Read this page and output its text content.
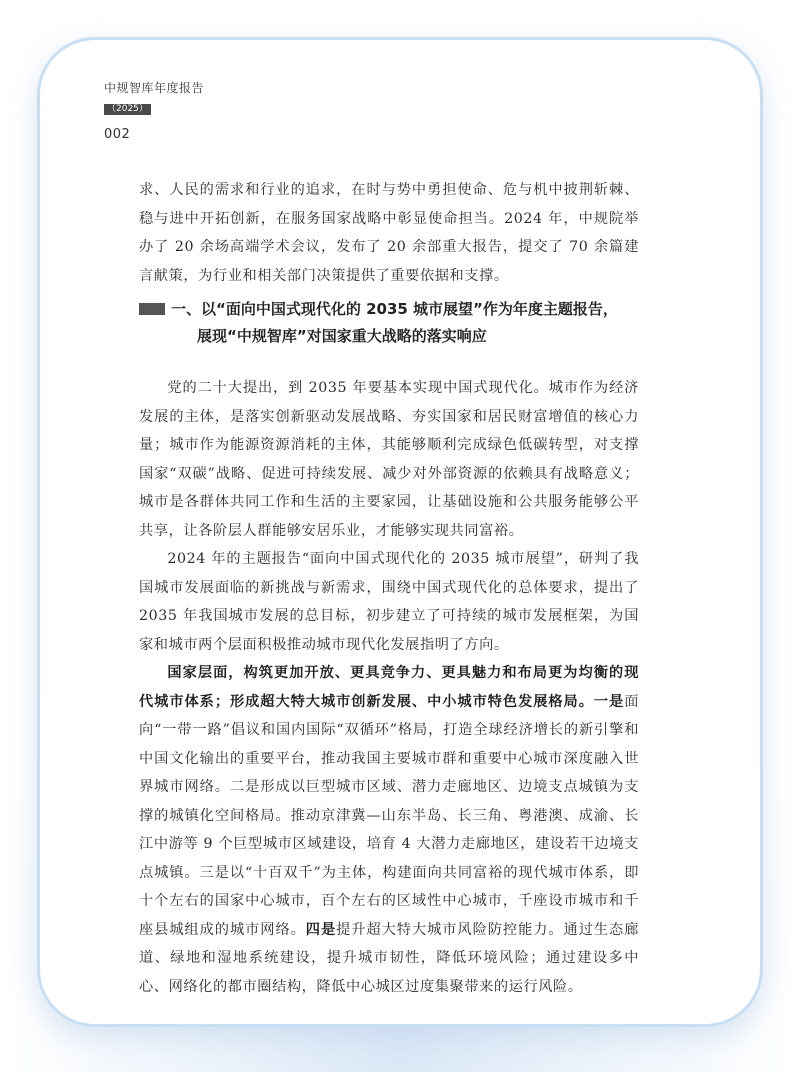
中规智库年度报告
（2025）
002

求、人民的需求和行业的追求，在时与势中勇担使命、危与机中披荆斩棘、稳与进中开拓创新，在服务国家战略中彰显使命担当。2024 年，中规院举办了 20 余场高端学术会议，发布了 20 余部重大报告，提交了 70 余篇建言献策，为行业和相关部门决策提供了重要依据和支撑。

一、以“面向中国式现代化的 2035 城市展望”作为年度主题报告，
展现“中规智库”对国家重大战略的落实响应

党的二十大提出，到 2035 年要基本实现中国式现代化。城市作为经济发展的主体，是落实创新驱动发展战略、夯实国家和居民财富增值的核心力量；城市作为能源资源消耗的主体，其能够顺利完成绿色低碳转型，对支撑国家“双碳”战略、促进可持续发展、减少对外部资源的依赖具有战略意义；城市是各群体共同工作和生活的主要家园，让基础设施和公共服务能够公平共享，让各阶层人群能够安居乐业，才能够实现共同富裕。

2024 年的主题报告“面向中国式现代化的 2035 城市展望”，研判了我国城市发展面临的新挑战与新需求，围绕中国式现代化的总体要求，提出了 2035 年我国城市发展的总目标，初步建立了可持续的城市发展框架，为国家和城市两个层面积极推动城市现代化发展指明了方向。

国家层面，构筑更加开放、更具竞争力、更具魅力和布局更为均衡的现代城市体系；形成超大特大城市创新发展、中小城市特色发展格局。一是面向“一带一路”倡议和国内国际“双循环”格局，打造全球经济增长的新引擎和中国文化输出的重要平台，推动我国主要城市群和重要中心城市深度融入世界城市网络。二是形成以巨型城市区域、潜力走廊地区、边境支点城镇为支撑的城镇化空间格局。推动京津冀—山东半岛、长三角、粤港澳、成渝、长江中游等 9 个巨型城市区域建设，培育 4 大潜力走廊地区，建设若干边境支点城镇。三是以“十百双千”为主体，构建面向共同富裕的现代城市体系，即十个左右的国家中心城市，百个左右的区域性中心城市，千座设市城市和千座县城组成的城市网络。四是提升超大特大城市风险防控能力。通过生态廊道、绿地和湿地系统建设，提升城市韧性，降低环境风险；通过建设多中心、网络化的都市圈结构，降低中心城区过度集聚带来的运行风险。
